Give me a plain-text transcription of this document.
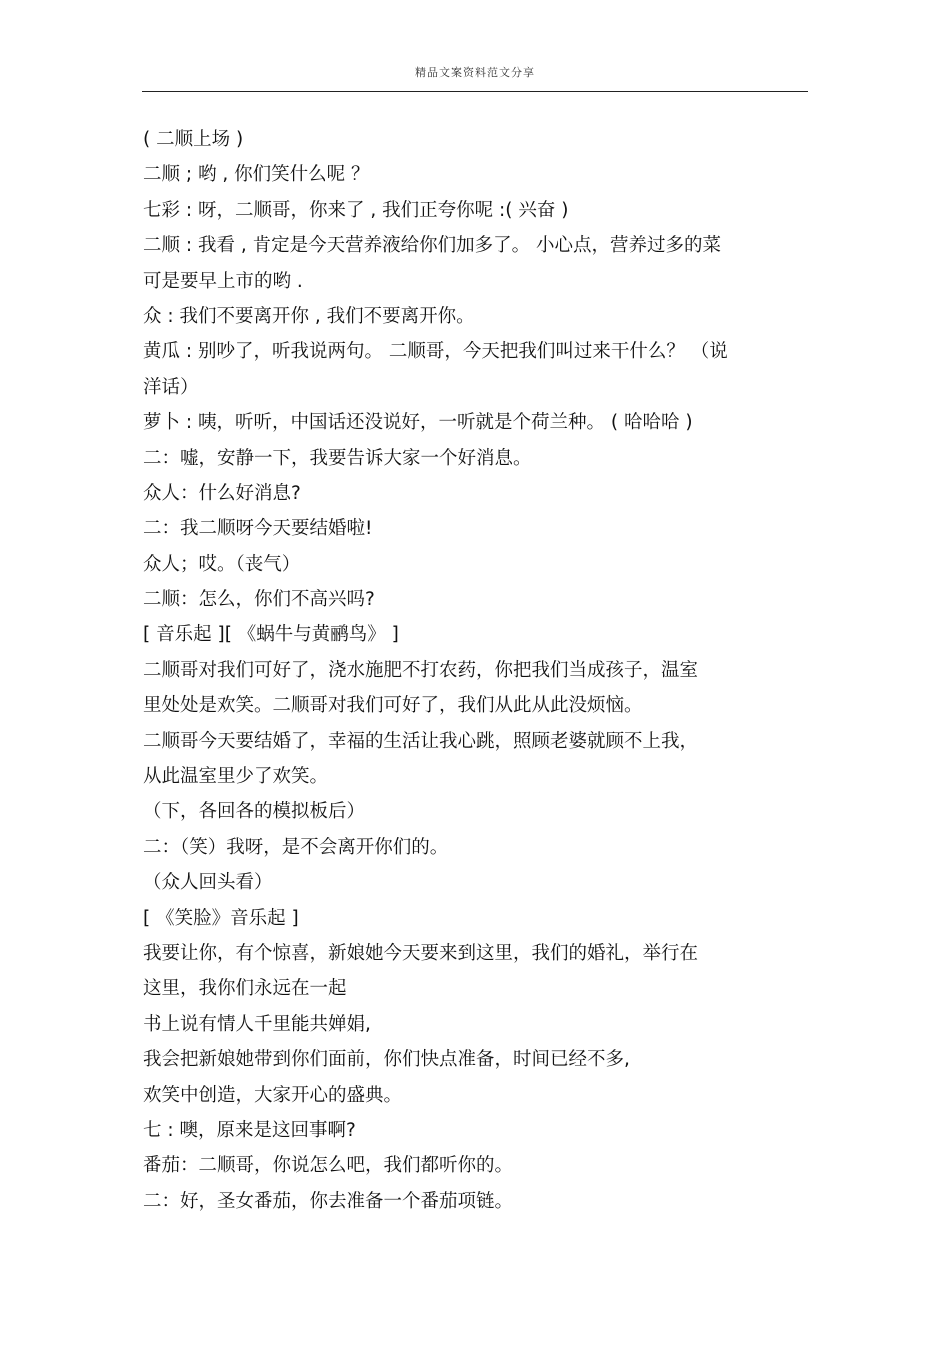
精品文案资料范文分享
( 二顺上场 )
二顺 ; 哟 , 你们笑什么呢 ？
七彩 : 呀，二顺哥，你来了 , 我们正夸你呢 :( 兴奋 )
二顺 : 我看 , 肯定是今天营养液给你们加多了。 小心点，营养过多的菜
可是要早上市的哟 .
众 : 我们不要离开你 , 我们不要离开你。
黄瓜 : 别吵了，听我说两句。 二顺哥，今天把我们叫过来干什么？ （说
洋话）
萝卜 : 咦，听听，中国话还没说好，一听就是个荷兰种。 ( 哈哈哈 )
二：嘘，安静一下，我要告诉大家一个好消息。
众人：什么好消息?
二：我二顺呀今天要结婚啦!
众人；哎。（丧气）
二顺：怎么，你们不高兴吗?
[ 音乐起 ][ 《蜗牛与黄鹂鸟》 ]
二顺哥对我们可好了，浇水施肥不打农药，你把我们当成孩子，温室
里处处是欢笑。二顺哥对我们可好了，我们从此从此没烦恼。
二顺哥今天要结婚了，幸福的生活让我心跳，照顾老婆就顾不上我，
从此温室里少了欢笑。
（下，各回各的模拟板后）
二：（笑）我呀，是不会离开你们的。
（众人回头看）
[ 《笑脸》音乐起 ]
我要让你，有个惊喜，新娘她今天要来到这里，我们的婚礼，举行在
这里，我你们永远在一起
书上说有情人千里能共婵娟,
我会把新娘她带到你们面前，你们快点准备，时间已经不多,
欢笑中创造，大家开心的盛典。
七 : 噢，原来是这回事啊?
番茄：二顺哥，你说怎么吧，我们都听你的。
二：好，圣女番茄，你去准备一个番茄项链。
